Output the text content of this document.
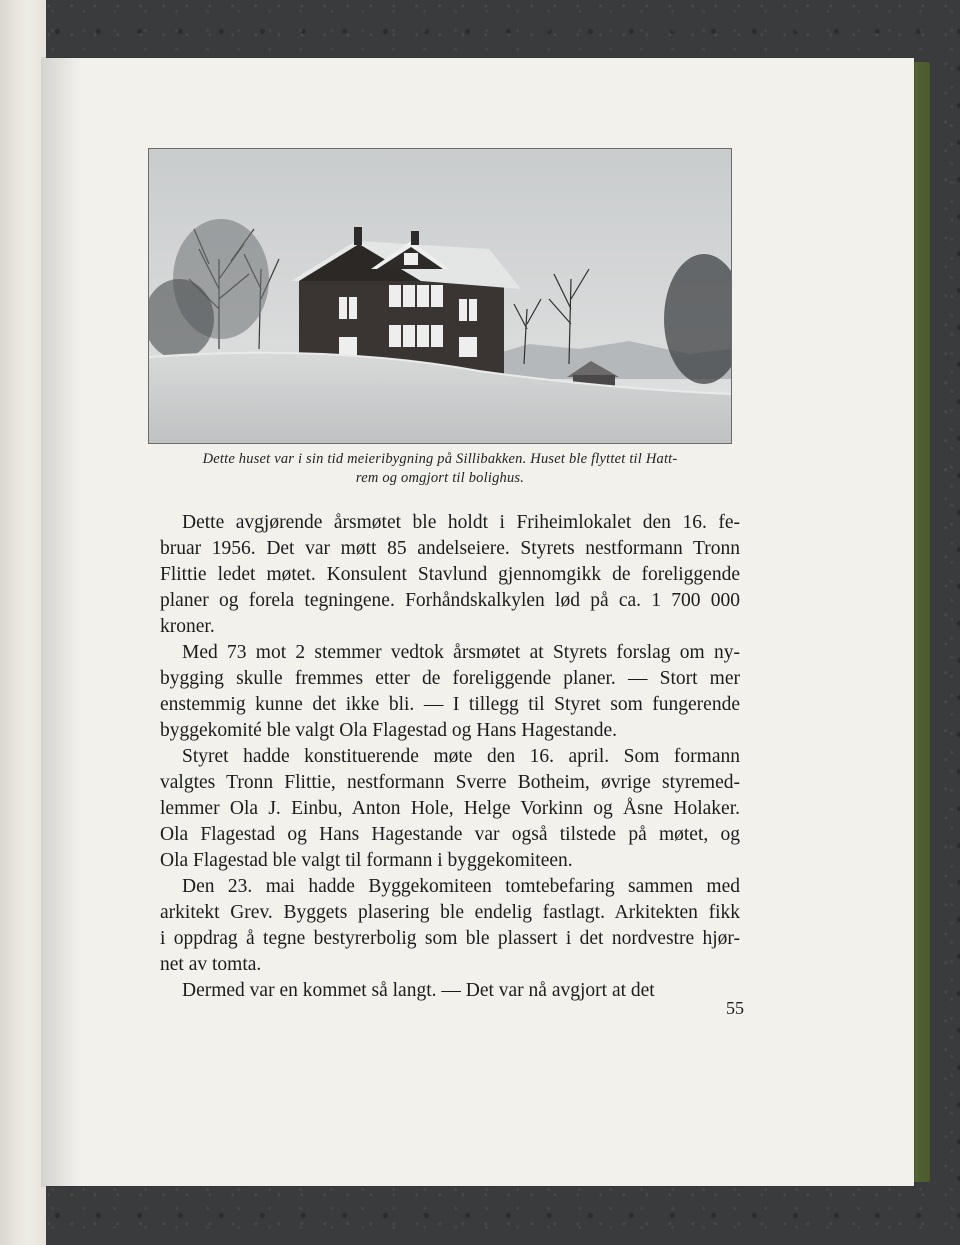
Dette huset var i sin tid meieribygning på Sillibakken. Huset ble flyttet til Hatt-
rem og omgjort til bolighus.

Dette avgjørende årsmøtet ble holdt i Friheimlokalet den 16. fe-
bruar 1956. Det var møtt 85 andelseiere. Styrets nestformann Tronn
Flittie ledet møtet. Konsulent Stavlund gjennomgikk de foreliggende
planer og forela tegningene. Forhåndskalkylen lød på ca. 1 700 000
kroner.

Med 73 mot 2 stemmer vedtok årsmøtet at Styrets forslag om ny-
bygging skulle fremmes etter de foreliggende planer. — Stort mer
enstemmig kunne det ikke bli. — I tillegg til Styret som fungerende
byggekomité ble valgt Ola Flagestad og Hans Hagestande.

Styret hadde konstituerende møte den 16. april. Som formann
valgtes Tronn Flittie, nestformann Sverre Botheim, øvrige styremed-
lemmer Ola J. Einbu, Anton Hole, Helge Vorkinn og Åsne Holaker.
Ola Flagestad og Hans Hagestande var også tilstede på møtet, og
Ola Flagestad ble valgt til formann i byggekomiteen.

Den 23. mai hadde Byggekomiteen tomtebefaring sammen med
arkitekt Grev. Byggets plasering ble endelig fastlagt. Arkitekten fikk
i oppdrag å tegne bestyrerbolig som ble plassert i det nordvestre hjør-
net av tomta.

Dermed var en kommet så langt. — Det var nå avgjort at det

55
